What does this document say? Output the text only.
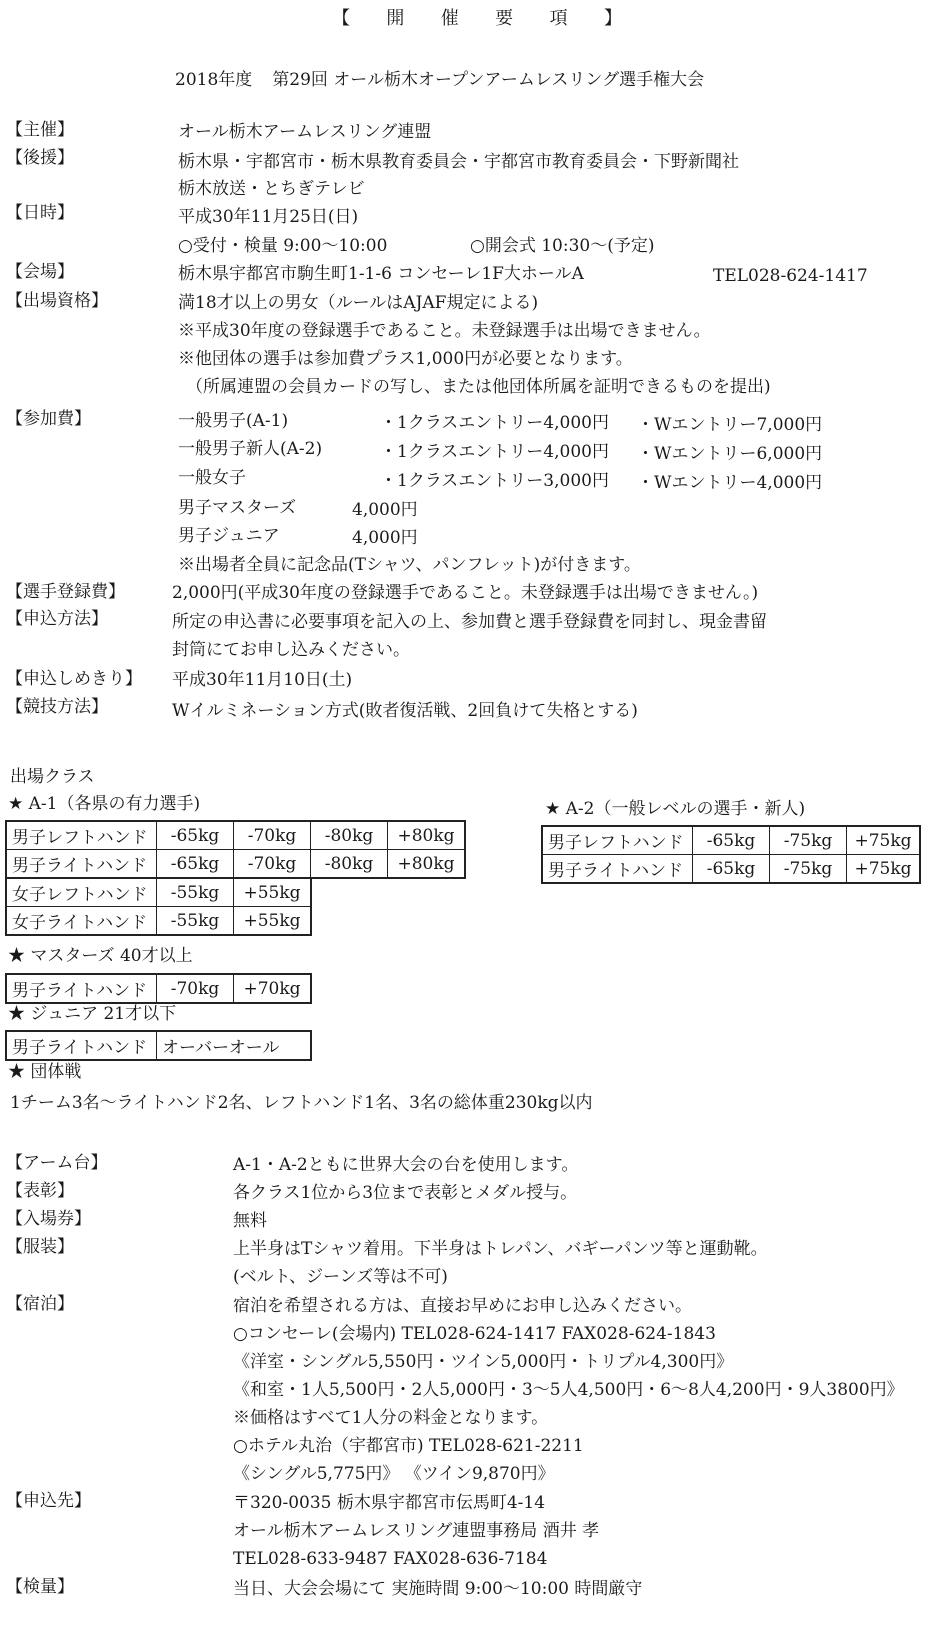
【 開 催 要 項 】
2018年度 第29回 オール栃木オープンアームレスリング選手権大会
【主催】	オール栃木アームレスリング連盟
【後援】	栃木県・宇都宮市・栃木県教育委員会・宇都宮市教育委員会・下野新聞社
栃木放送・とちぎテレビ
【日時】	平成30年11月25日(日)
○受付・検量 9:00～10:00	○開会式 10:30～(予定)
【会場】	栃木県宇都宮市駒生町1-1-6 コンセーレ1F大ホールA	TEL028-624-1417
【出場資格】	満18才以上の男女（ルールはAJAF規定による)
※平成30年度の登録選手であること。未登録選手は出場できません。
※他団体の選手は参加費プラス1,000円が必要となります。
（所属連盟の会員カードの写し、または他団体所属を証明できるものを提出)
【参加費】	一般男子(A-1)	・1クラスエントリー4,000円 ・Wエントリー7,000円
一般男子新人(A-2)	・1クラスエントリー4,000円 ・Wエントリー6,000円
一般女子	・1クラスエントリー3,000円 ・Wエントリー4,000円
男子マスターズ	4,000円
男子ジュニア	4,000円
※出場者全員に記念品(Tシャツ、パンフレット)が付きます。
【選手登録費】	2,000円(平成30年度の登録選手であること。未登録選手は出場できません。)
【申込方法】	所定の申込書に必要事項を記入の上、参加費と選手登録費を同封し、現金書留
封筒にてお申し込みください。
【申込しめきり】 平成30年11月10日(土)
【競技方法】	Wイルミネーション方式(敗者復活戦、2回負けて失格とする)
出場クラス
★ A-1（各県の有力選手)
男子レフトハンド	-65kg	-70kg	-80kg	+80kg
男子ライトハンド	-65kg	-70kg	-80kg	+80kg
女子レフトハンド	-55kg	+55kg
女子ライトハンド	-55kg	+55kg
★ A-2（一般レベルの選手・新人)
男子レフトハンド	-65kg	-75kg	+75kg
男子ライトハンド	-65kg	-75kg	+75kg
★ マスターズ 40才以上
男子ライトハンド	-70kg	+70kg
★ ジュニア 21才以下
男子ライトハンド	オーバーオール
★ 団体戦
1チーム3名～ライトハンド2名、レフトハンド1名、3名の総体重230kg以内
【アーム台】	A-1・A-2ともに世界大会の台を使用します。
【表彰】	各クラス1位から3位まで表彰とメダル授与。
【入場券】	無料
【服装】	上半身はTシャツ着用。下半身はトレパン、バギーパンツ等と運動靴。
(ベルト、ジーンズ等は不可)
【宿泊】	宿泊を希望される方は、直接お早めにお申し込みください。
○コンセーレ(会場内) TEL028-624-1417 FAX028-624-1843
《洋室・シングル5,550円・ツイン5,000円・トリプル4,300円》
《和室・1人5,500円・2人5,000円・3～5人4,500円・6～8人4,200円・9人3800円》
※価格はすべて1人分の料金となります。
○ホテル丸治（宇都宮市) TEL028-621-2211
《シングル5,775円》 《ツイン9,870円》
【申込先】	〒320-0035 栃木県宇都宮市伝馬町4-14
オール栃木アームレスリング連盟事務局 酒井 孝
TEL028-633-9487 FAX028-636-7184
【検量】	当日、大会会場にて 実施時間 9:00～10:00 時間厳守
